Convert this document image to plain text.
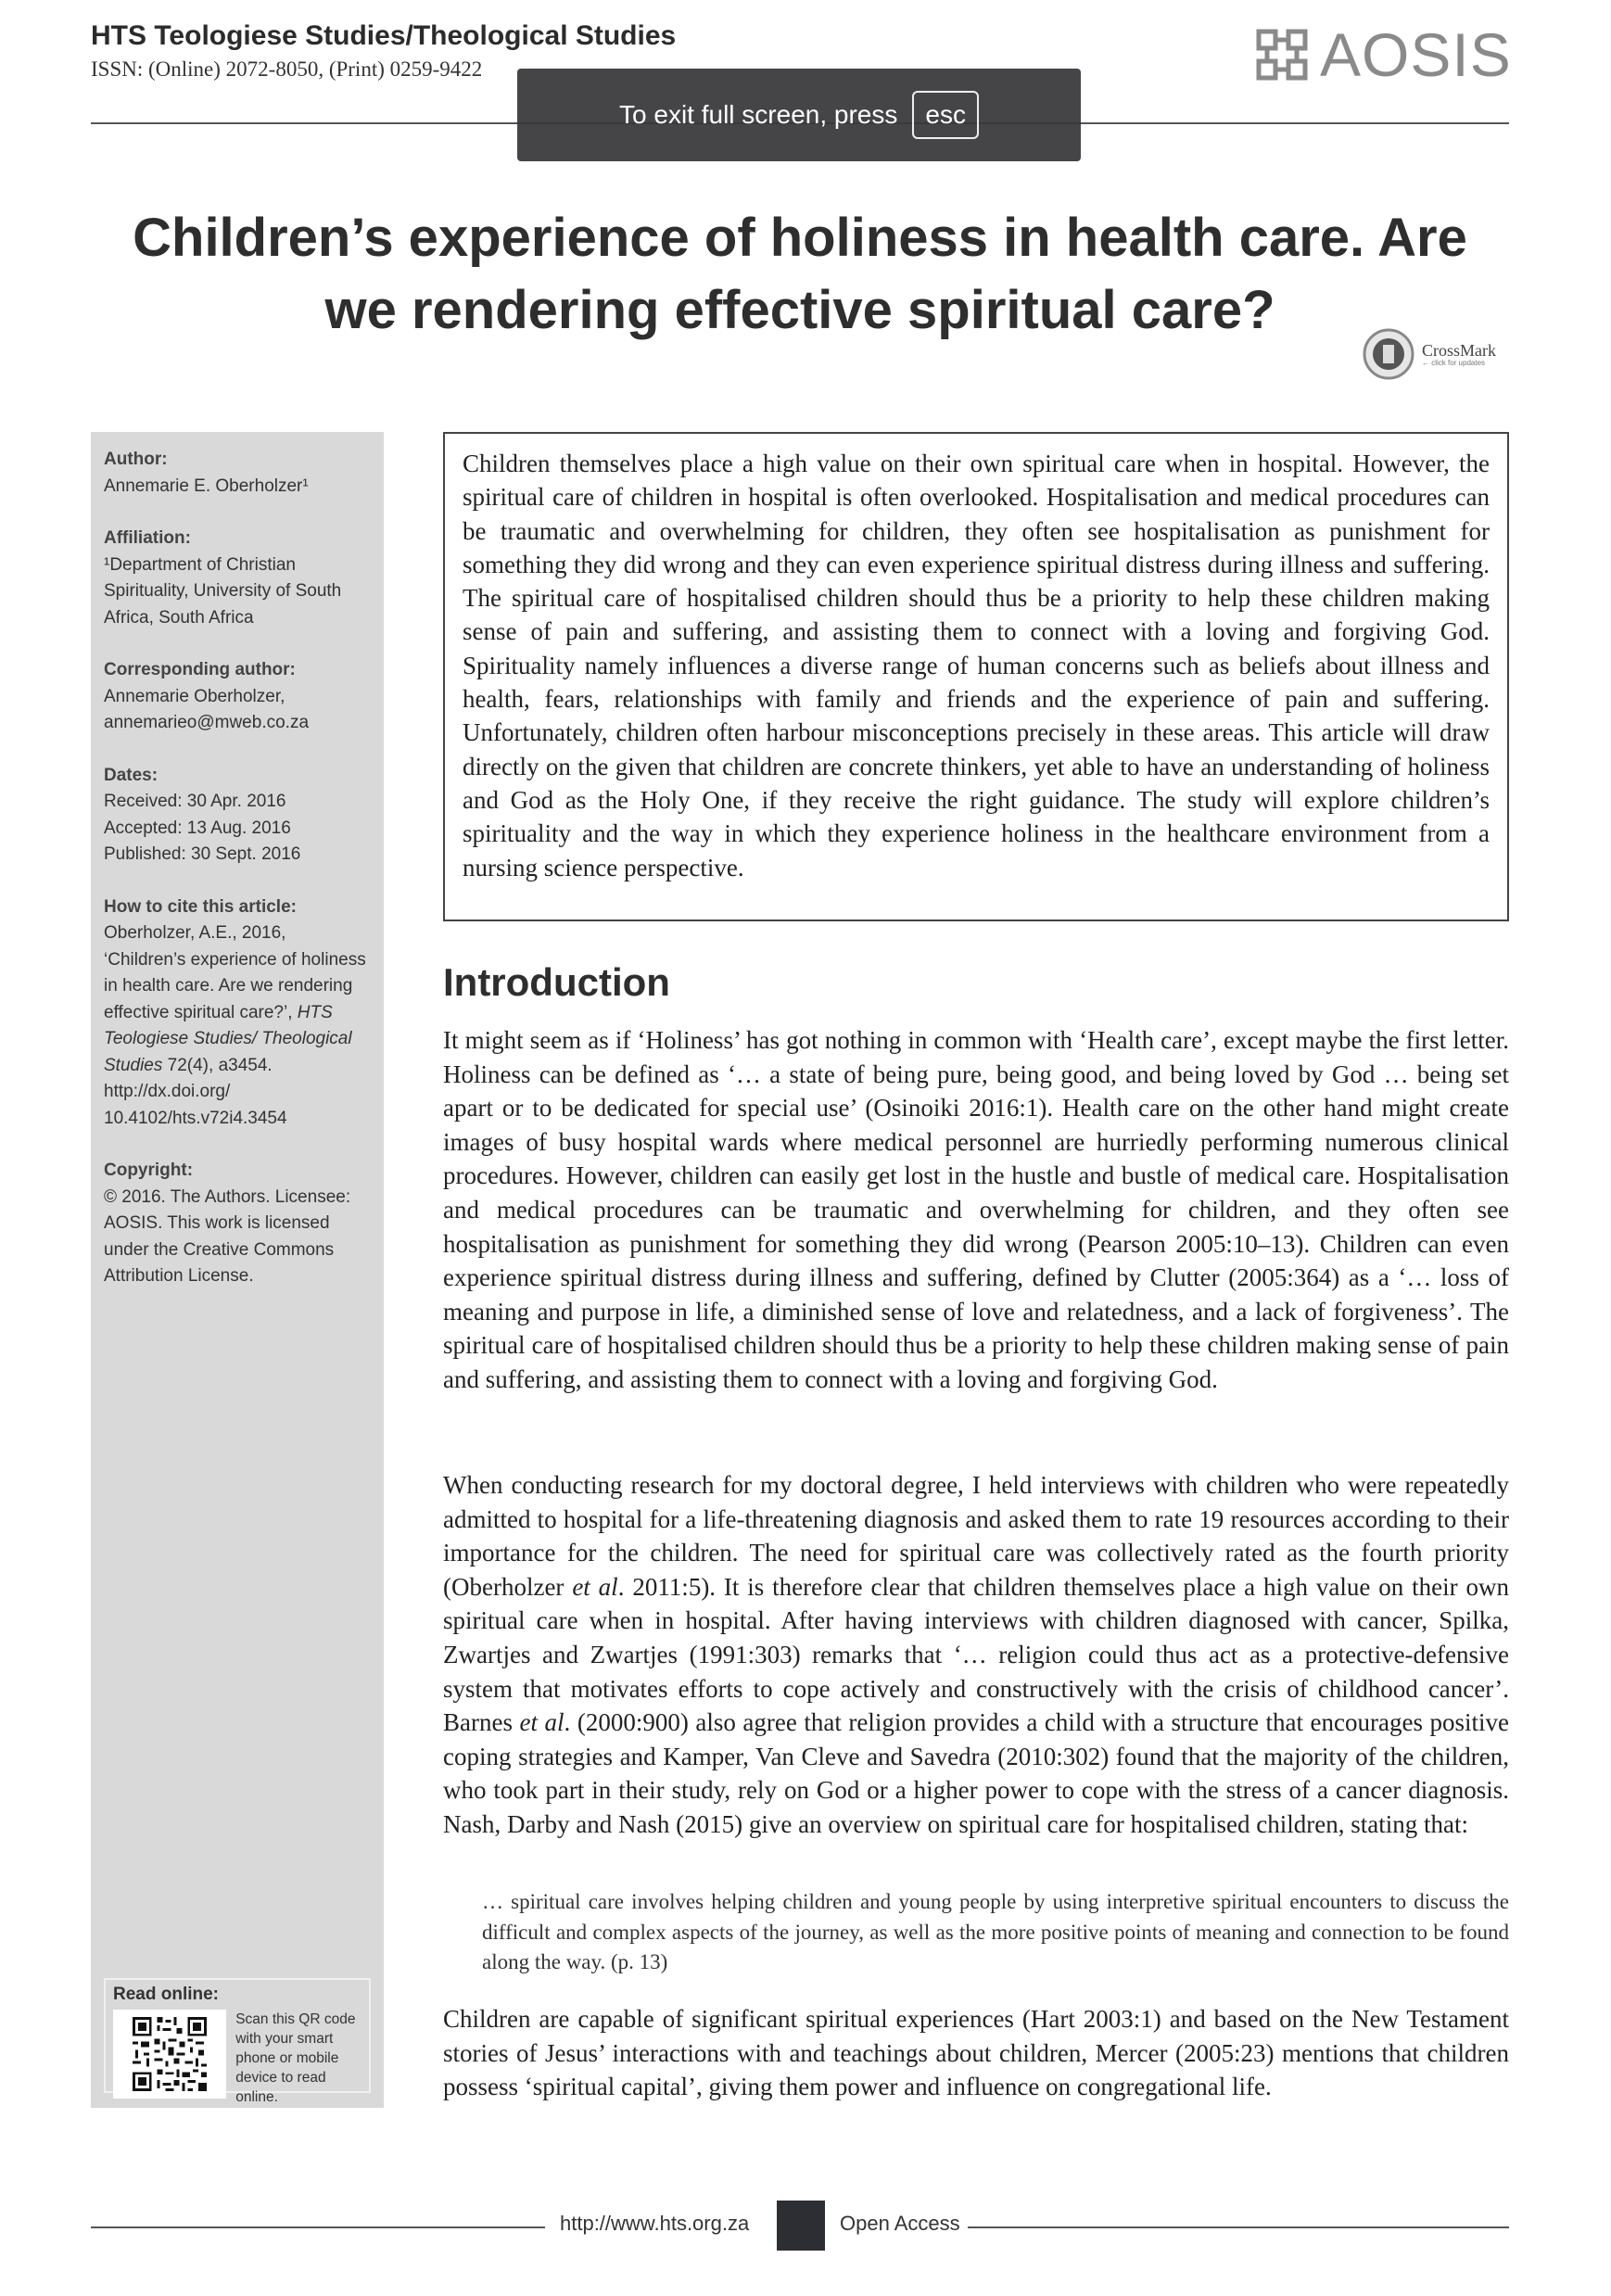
HTS Teologiese Studies/Theological Studies
ISSN: (Online) 2072-8050, (Print) 0259-9422	AOSIS
To exit full screen, press	esc
Children’s experience of holiness in health care. Are we rendering effective spiritual care?
CrossMark
← click for updates
Author:
Annemarie E. Oberholzer¹
Affiliation:
¹Department of Christian Spirituality, University of South Africa, South Africa
Corresponding author:
Annemarie Oberholzer,
annemarieo@mweb.co.za
Dates:
Received: 30 Apr. 2016
Accepted: 13 Aug. 2016
Published: 30 Sept. 2016
How to cite this article:
Oberholzer, A.E., 2016, ‘Children’s experience of holiness in health care. Are we rendering effective spiritual care?’, HTS Teologiese Studies/ Theological Studies 72(4), a3454. http://dx.doi.org/ 10.4102/hts.v72i4.3454
Copyright:
© 2016. The Authors. Licensee: AOSIS. This work is licensed under the Creative Commons Attribution License.
Read online:
Scan this QR code with your smart phone or mobile device to read online.
Children themselves place a high value on their own spiritual care when in hospital. However, the spiritual care of children in hospital is often overlooked. Hospitalisation and medical procedures can be traumatic and overwhelming for children, they often see hospitalisation as punishment for something they did wrong and they can even experience spiritual distress during illness and suffering. The spiritual care of hospitalised children should thus be a priority to help these children making sense of pain and suffering, and assisting them to connect with a loving and forgiving God. Spirituality namely influences a diverse range of human concerns such as beliefs about illness and health, fears, relationships with family and friends and the experience of pain and suffering. Unfortunately, children often harbour misconceptions precisely in these areas. This article will draw directly on the given that children are concrete thinkers, yet able to have an understanding of holiness and God as the Holy One, if they receive the right guidance. The study will explore children’s spirituality and the way in which they experience holiness in the healthcare environment from a nursing science perspective.
Introduction

It might seem as if ‘Holiness’ has got nothing in common with ‘Health care’, except maybe the first letter. Holiness can be defined as ‘… a state of being pure, being good, and being loved by God … being set apart or to be dedicated for special use’ (Osinoiki 2016:1). Health care on the other hand might create images of busy hospital wards where medical personnel are hurriedly performing numerous clinical procedures. However, children can easily get lost in the hustle and bustle of medical care. Hospitalisation and medical procedures can be traumatic and overwhelming for children, and they often see hospitalisation as punishment for something they did wrong (Pearson 2005:10–13). Children can even experience spiritual distress during illness and suffering, defined by Clutter (2005:364) as a ‘… loss of meaning and purpose in life, a diminished sense of love and relatedness, and a lack of forgiveness’. The spiritual care of hospitalised children should thus be a priority to help these children making sense of pain and suffering, and assisting them to connect with a loving and forgiving God.

When conducting research for my doctoral degree, I held interviews with children who were repeatedly admitted to hospital for a life-threatening diagnosis and asked them to rate 19 resources according to their importance for the children. The need for spiritual care was collectively rated as the fourth priority (Oberholzer et al. 2011:5). It is therefore clear that children themselves place a high value on their own spiritual care when in hospital. After having interviews with children diagnosed with cancer, Spilka, Zwartjes and Zwartjes (1991:303) remarks that ‘… religion could thus act as a protective-defensive system that motivates efforts to cope actively and constructively with the crisis of childhood cancer’. Barnes et al. (2000:900) also agree that religion provides a child with a structure that encourages positive coping strategies and Kamper, Van Cleve and Savedra (2010:302) found that the majority of the children, who took part in their study, rely on God or a higher power to cope with the stress of a cancer diagnosis. Nash, Darby and Nash (2015) give an overview on spiritual care for hospitalised children, stating that:

… spiritual care involves helping children and young people by using interpretive spiritual encounters to discuss the difficult and complex aspects of the journey, as well as the more positive points of meaning and connection to be found along the way. (p. 13)

Children are capable of significant spiritual experiences (Hart 2003:1) and based on the New Testament stories of Jesus’ interactions with and teachings about children, Mercer (2005:23) mentions that children possess ‘spiritual capital’, giving them power and influence on congregational life.

http://www.hts.org.za	Open Access
